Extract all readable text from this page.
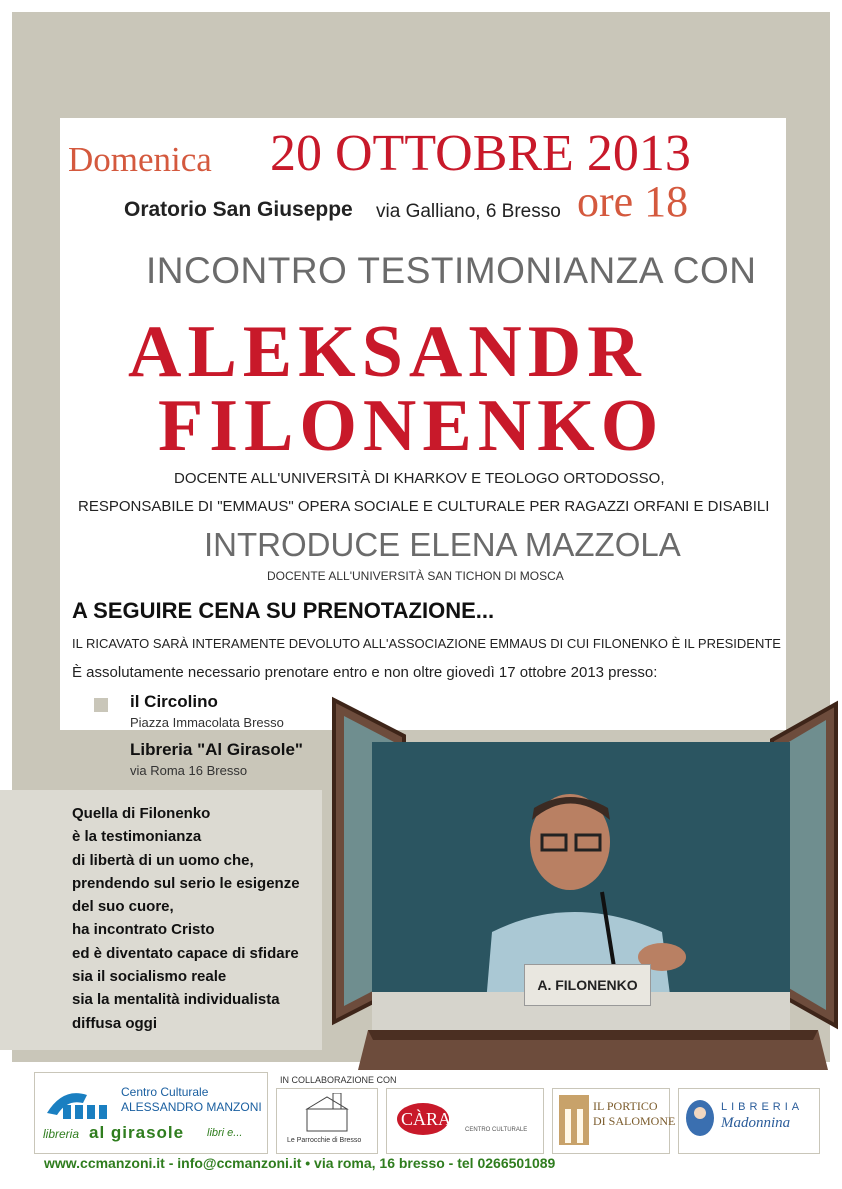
Domenica 20 OTTOBRE 2013
Oratorio San Giuseppe via Galliano, 6 Bresso ore 18
INCONTRO TESTIMONIANZA CON
ALEKSANDR
FILONENKO
DOCENTE ALL'UNIVERSITÀ DI KHARKOV E TEOLOGO ORTODOSSO,
RESPONSABILE DI "EMMAUS" OPERA SOCIALE E CULTURALE PER RAGAZZI ORFANI E DISABILI
INTRODUCE ELENA MAZZOLA
DOCENTE ALL'UNIVERSITÀ SAN TICHON DI MOSCA
A SEGUIRE CENA SU PRENOTAZIONE...
IL RICAVATO SARÀ INTERAMENTE DEVOLUTO ALL'ASSOCIAZIONE EMMAUS DI CUI FILONENKO È IL PRESIDENTE
È assolutamente necessario prenotare entro e non oltre giovedì 17 ottobre 2013 presso:
il Circolino
Piazza Immacolata Bresso
Libreria "Al Girasole"
via Roma 16 Bresso
Quella di Filonenko
è la testimonianza
di libertà di un uomo che,
prendendo sul serio le esigenze
del suo cuore,
ha incontrato Cristo
ed è diventato capace di sfidare
sia il socialismo reale
sia la mentalità individualista
diffusa oggi
A. FILONENKO
IN COLLABORAZIONE CON
Centro Culturale
ALESSANDRO MANZONI
libreria al girasole libri e...
Le Parrocchie di Bresso
CÀRABELTÀ
CENTRO CULTURALE
IL PORTICO
DI SALOMONE
LIBRERIA
Madonnina
www.ccmanzoni.it - info@ccmanzoni.it • via roma, 16 bresso - tel 0266501089
